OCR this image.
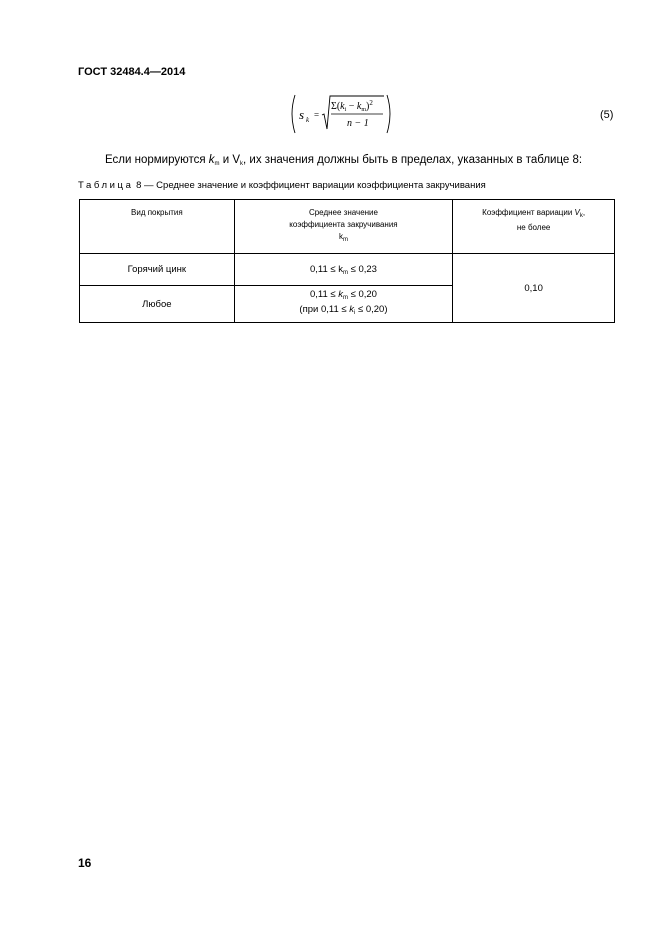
ГОСТ 32484.4—2014
s k =
$\Sigma(k_i - k_m)^2$
n − 1
(5)
Если нормируются $k_m$ и $V_k$, их значения должны быть в пределах, указанных в таблице 8:
Таблица 8 — Среднее значение и коэффициент вариации коэффициента закручивания
Вид покрытия	Среднее значение
коэффициента закручивания
$k_m$	Коэффициент вариации $V_k$,
не более
Горячий цинк	$0,11 \le k_m \le 0,23$	0,10
Любое	$0,11 \le k_m \le 0,20$
(при $0,11 \le k_i \le 0,20$)	
16
